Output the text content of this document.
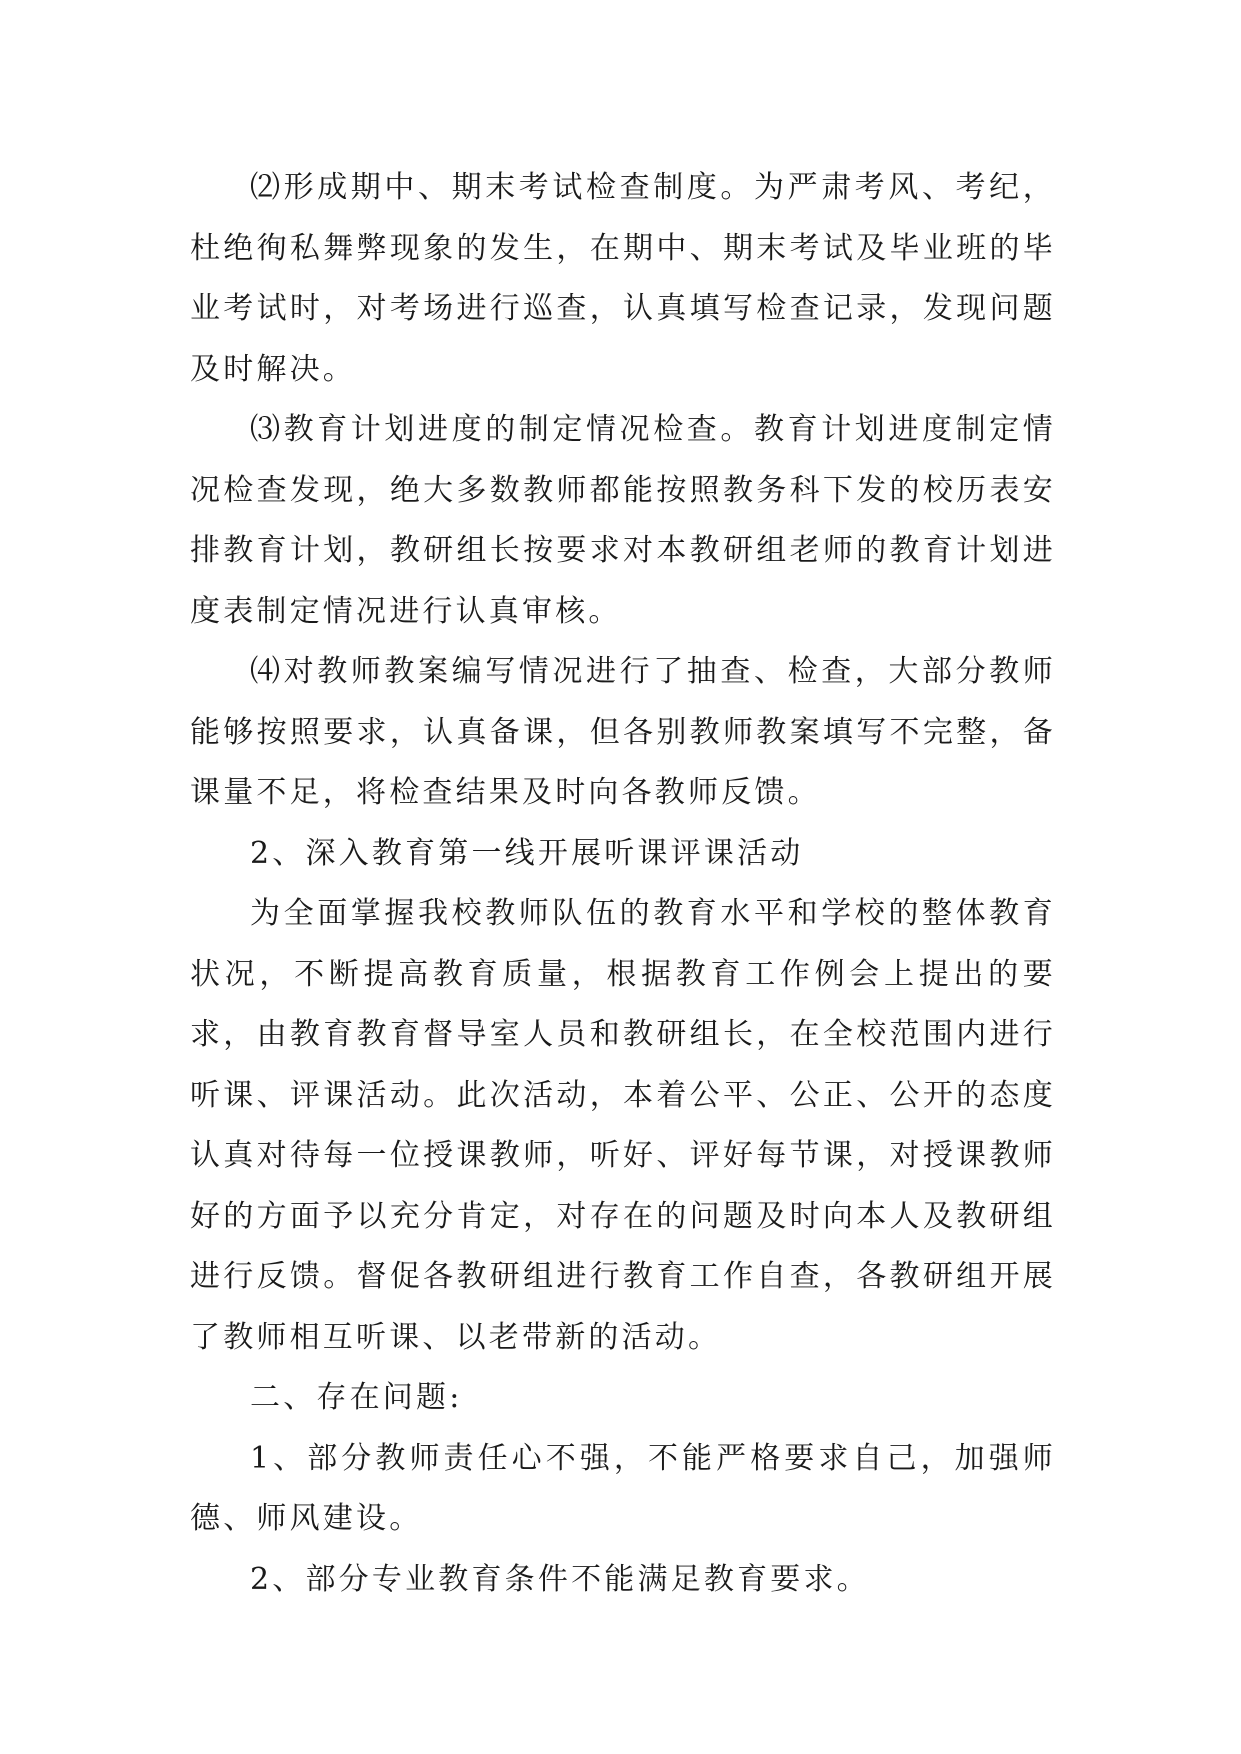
⑵形成期中、期末考试检查制度。为严肃考风、考纪，杜绝徇私舞弊现象的发生，在期中、期末考试及毕业班的毕业考试时，对考场进行巡查，认真填写检查记录，发现问题及时解决。

⑶教育计划进度的制定情况检查。教育计划进度制定情况检查发现，绝大多数教师都能按照教务科下发的校历表安排教育计划，教研组长按要求对本教研组老师的教育计划进度表制定情况进行认真审核。

⑷对教师教案编写情况进行了抽查、检查，大部分教师能够按照要求，认真备课，但各别教师教案填写不完整，备课量不足，将检查结果及时向各教师反馈。

2、深入教育第一线开展听课评课活动

为全面掌握我校教师队伍的教育水平和学校的整体教育状况，不断提高教育质量，根据教育工作例会上提出的要求，由教育教育督导室人员和教研组长，在全校范围内进行听课、评课活动。此次活动，本着公平、公正、公开的态度认真对待每一位授课教师，听好、评好每节课，对授课教师好的方面予以充分肯定，对存在的问题及时向本人及教研组进行反馈。督促各教研组进行教育工作自查，各教研组开展了教师相互听课、以老带新的活动。

二、存在问题:

1、部分教师责任心不强，不能严格要求自己，加强师德、师风建设。

2、部分专业教育条件不能满足教育要求。
